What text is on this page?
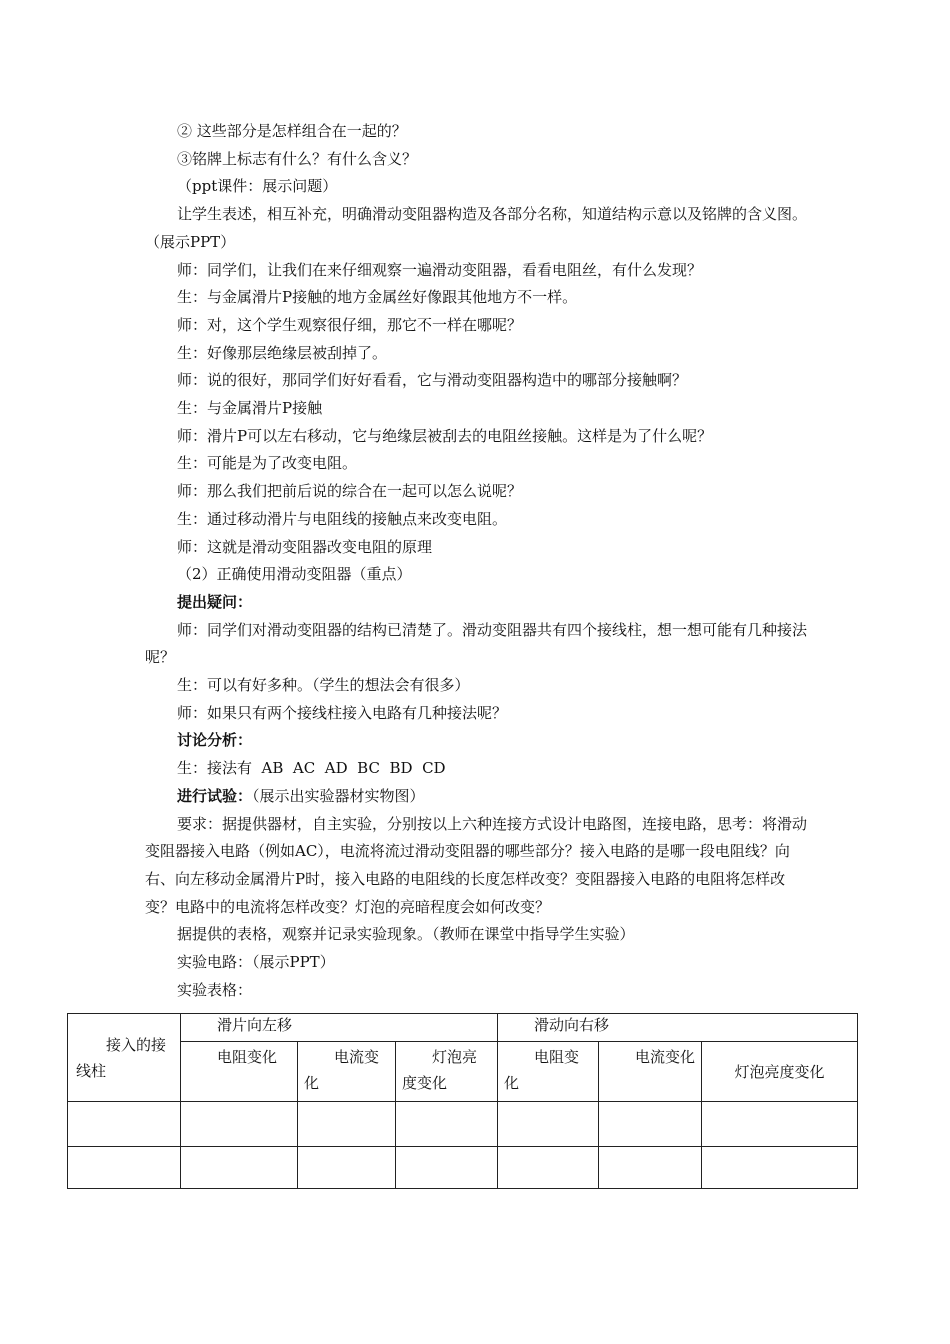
② 这些部分是怎样组合在一起的？

③铭牌上标志有什么？有什么含义？

（ppt课件：展示问题）

让学生表述，相互补充，明确滑动变阻器构造及各部分名称，知道结构示意以及铭牌的含义图。（展示PPT）

师：同学们，让我们在来仔细观察一遍滑动变阻器，看看电阻丝，有什么发现？

生：与金属滑片P接触的地方金属丝好像跟其他地方不一样。

师：对，这个学生观察很仔细，那它不一样在哪呢？

生：好像那层绝缘层被刮掉了。

师：说的很好，那同学们好好看看，它与滑动变阻器构造中的哪部分接触啊？

生：与金属滑片P接触

师：滑片P可以左右移动，它与绝缘层被刮去的电阻丝接触。这样是为了什么呢？

生：可能是为了改变电阻。

师：那么我们把前后说的综合在一起可以怎么说呢？

生：通过移动滑片与电阻线的接触点来改变电阻。

师：这就是滑动变阻器改变电阻的原理

（2）正确使用滑动变阻器（重点）

提出疑问：

师：同学们对滑动变阻器的结构已清楚了。滑动变阻器共有四个接线柱，想一想可能有几种接法呢？

生：可以有好多种。（学生的想法会有很多）

师：如果只有两个接线柱接入电路有几种接法呢？

讨论分析：

生：接法有  AB  AC  AD  BC  BD  CD

进行试验：（展示出实验器材实物图）

要求：据提供器材，自主实验，分别按以上六种连接方式设计电路图，连接电路，思考：将滑动变阻器接入电路（例如AC），电流将流过滑动变阻器的哪些部分？接入电路的是哪一段电阻线？向右、向左移动金属滑片P时，接入电路的电阻线的长度怎样改变？变阻器接入电路的电阻将怎样改变？电路中的电流将怎样改变？灯泡的亮暗程度会如何改变？

据提供的表格，观察并记录实验现象。（教师在课堂中指导学生实验）

实验电路：（展示PPT）

实验表格：

接入的接线柱	滑片向左移			滑动向右移		

	电阻变化	电流变化	灯泡亮度变化	电阻变化	电流变化	灯泡亮度变化
